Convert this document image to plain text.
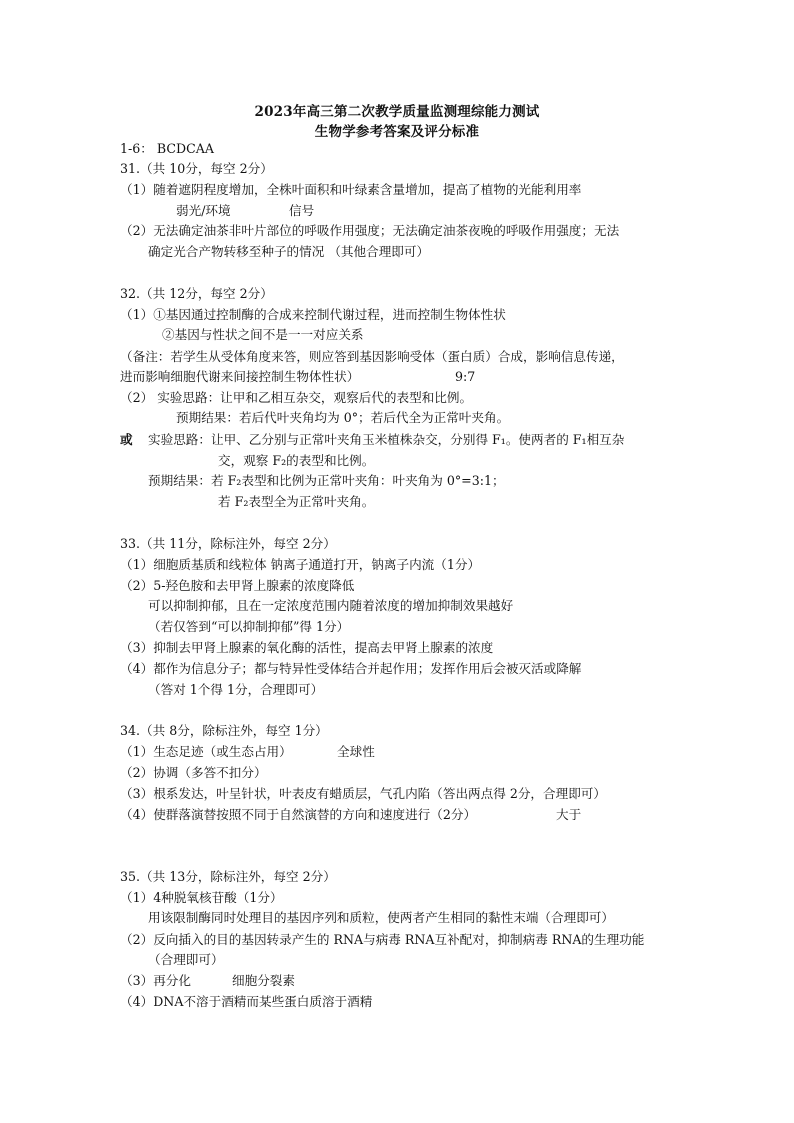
2023年高三第二次教学质量监测理综能力测试
生物学参考答案及评分标准
1-6： BCDCAA
31.（共 10分，每空 2分）
（1）随着遮阴程度增加，全株叶面积和叶绿素含量增加，提高了植物的光能利用率
弱光/环境	信号
（2）无法确定油茶非叶片部位的呼吸作用强度；无法确定油茶夜晚的呼吸作用强度；无法
确定光合产物转移至种子的情况 （其他合理即可）
32.（共 12分，每空 2分）
（1）①基因通过控制酶的合成来控制代谢过程，进而控制生物体性状
②基因与性状之间不是一一对应关系
（备注：若学生从受体角度来答，则应答到基因影响受体（蛋白质）合成，影响信息传递，
进而影响细胞代谢来间接控制生物体性状）	9:7
（2） 实验思路：让甲和乙相互杂交，观察后代的表型和比例。
预期结果：若后代叶夹角均为 0°；若后代全为正常叶夹角。
或 实验思路：让甲、乙分别与正常叶夹角玉米植株杂交，分别得 F₁。使两者的 F₁相互杂
交，观察 F₂的表型和比例。
预期结果：若 F₂表型和比例为正常叶夹角：叶夹角为 0°=3:1；
若 F₂表型全为正常叶夹角。
33.（共 11分，除标注外，每空 2分）
（1）细胞质基质和线粒体 钠离子通道打开，钠离子内流（1分）
（2）5-羟色胺和去甲肾上腺素的浓度降低
可以抑制抑郁，且在一定浓度范围内随着浓度的增加抑制效果越好
（若仅答到“可以抑制抑郁”得 1分）
（3）抑制去甲肾上腺素的氧化酶的活性，提高去甲肾上腺素的浓度
（4）都作为信息分子；都与特异性受体结合并起作用；发挥作用后会被灭活或降解
（答对 1个得 1分，合理即可）
34.（共 8分，除标注外，每空 1分）
（1）生态足迹（或生态占用）	全球性
（2）协调（多答不扣分）
（3）根系发达，叶呈针状，叶表皮有蜡质层，气孔内陷（答出两点得 2分，合理即可）
（4）使群落演替按照不同于自然演替的方向和速度进行（2分）	大于
35.（共 13分，除标注外，每空 2分）
（1）4种脱氧核苷酸（1分）
用该限制酶同时处理目的基因序列和质粒，使两者产生相同的黏性末端（合理即可）
（2）反向插入的目的基因转录产生的 RNA与病毒 RNA互补配对，抑制病毒 RNA的生理功能
（合理即可）
（3）再分化	细胞分裂素
（4）DNA不溶于酒精而某些蛋白质溶于酒精
